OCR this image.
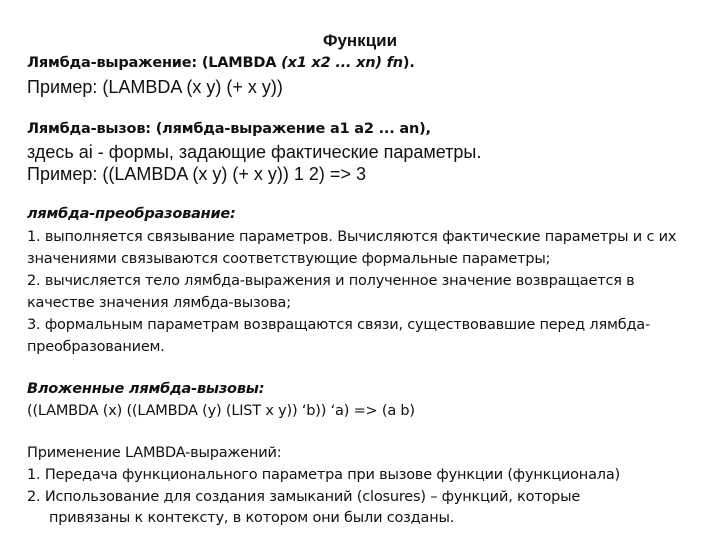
Функции
Лямбда-выражение: (LAMBDA (x1 x2 ... xn) fn).
Пример: (LAMBDA (x y) (+ x y))
Лямбда-вызов: (лямбда-выражение a1 a2 ... an),
здесь ai - формы, задающие фактические параметры.
Пример: ((LAMBDA (x y) (+ x y)) 1 2) => 3
лямбда-преобразование:
1. выполняется связывание параметров. Вычисляются фактические параметры и с их
значениями связываются соответствующие формальные параметры;
2. вычисляется тело лямбда-выражения и полученное значение возвращается в
качестве значения лямбда-вызова;
3. формальным параметрам возвращаются связи, существовавшие перед лямбда-
преобразованием.
Вложенные лямбда-вызовы:
((LAMBDA (x) ((LAMBDA (y) (LIST x y)) ‘b)) ‘a) => (a b)
Применение LAMBDA-выражений:
1. Передача функционального параметра при вызове функции (функционала)
2. Использование для создания замыканий (closures) – функций, которые
привязаны к контексту, в котором они были созданы.
